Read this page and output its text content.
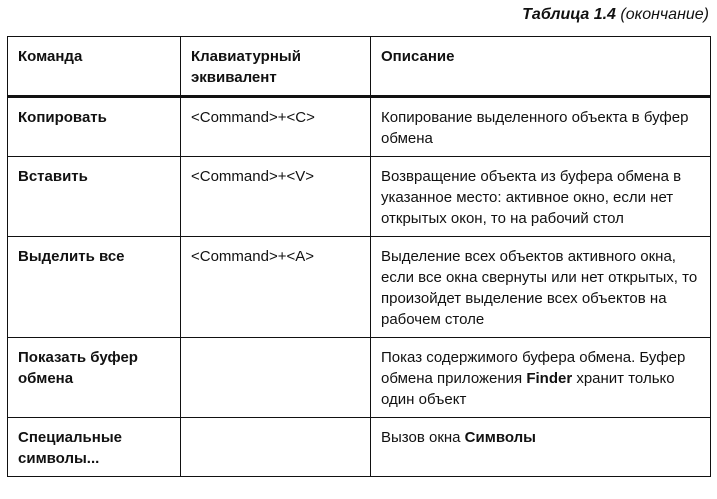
Таблица 1.4 (окончание)
Команда	Клавиатурный эквивалент	Описание
Копировать	<Command>+<C>	Копирование выделенного объекта в буфер обмена
Вставить	<Command>+<V>	Возвращение объекта из буфера обмена в указанное место: активное окно, если нет открытых окон, то на рабочий стол
Выделить все	<Command>+<A>	Выделение всех объектов активного окна, если все окна свернуты или нет открытых, то произойдет выделение всех объектов на рабочем столе
Показать буфер обмена		Показ содержимого буфера обмена. Буфер обмена приложения Finder хранит только один объект
Специальные символы...		Вызов окна Символы
